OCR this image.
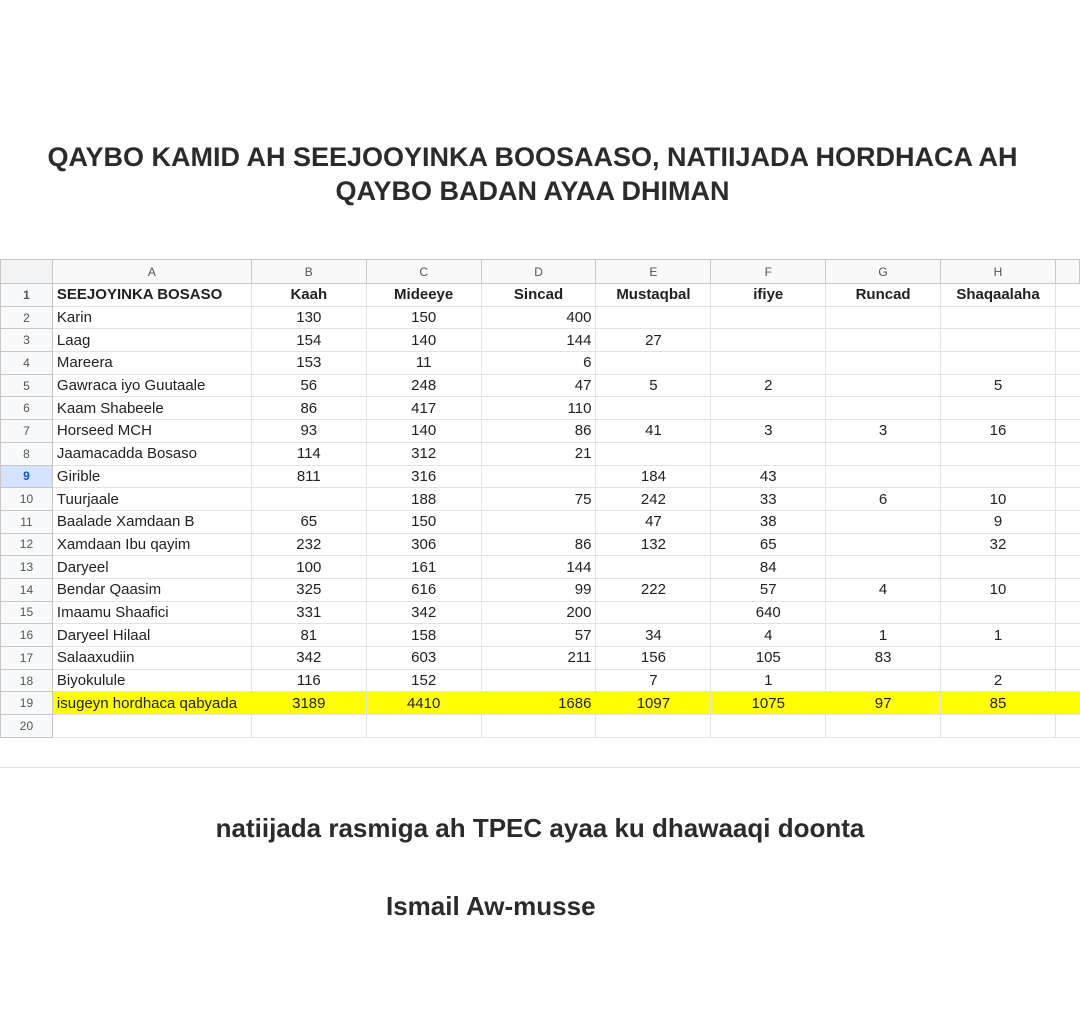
QAYBO KAMID AH SEEJOOYINKA BOOSAASO, NATIIJADA HORDHACA AH
QAYBO BADAN AYAA DHIMAN
	A	B	C	D	E	F	G	H	
1	SEEJOYINKA BOSASO	Kaah	Mideeye	Sincad	Mustaqbal	ifiye	Runcad	Shaqaalaha	
2	Karin	130	150	400					
3	Laag	154	140	144	27				
4	Mareera	153	11	6					
5	Gawraca iyo Guutaale	56	248	47	5	2		5	
6	Kaam Shabeele	86	417	110					
7	Horseed MCH	93	140	86	41	3	3	16	
8	Jaamacadda Bosaso	114	312	21					
9	Girible	811	316		184	43			
10	Tuurjaale		188	75	242	33	6	10	
11	Baalade Xamdaan B	65	150		47	38		9	
12	Xamdaan Ibu qayim	232	306	86	132	65		32	
13	Daryeel	100	161	144		84			
14	Bendar Qaasim	325	616	99	222	57	4	10	
15	Imaamu Shaafici	331	342	200		640			
16	Daryeel Hilaal	81	158	57	34	4	1	1	
17	Salaaxudiin	342	603	211	156	105	83		
18	Biyokulule	116	152		7	1		2	
19	isugeyn hordhaca qabyada	3189	4410	1686	1097	1075	97	85	
20									
natiijada rasmiga ah TPEC ayaa ku dhawaaqi doonta
Ismail Aw-musse
